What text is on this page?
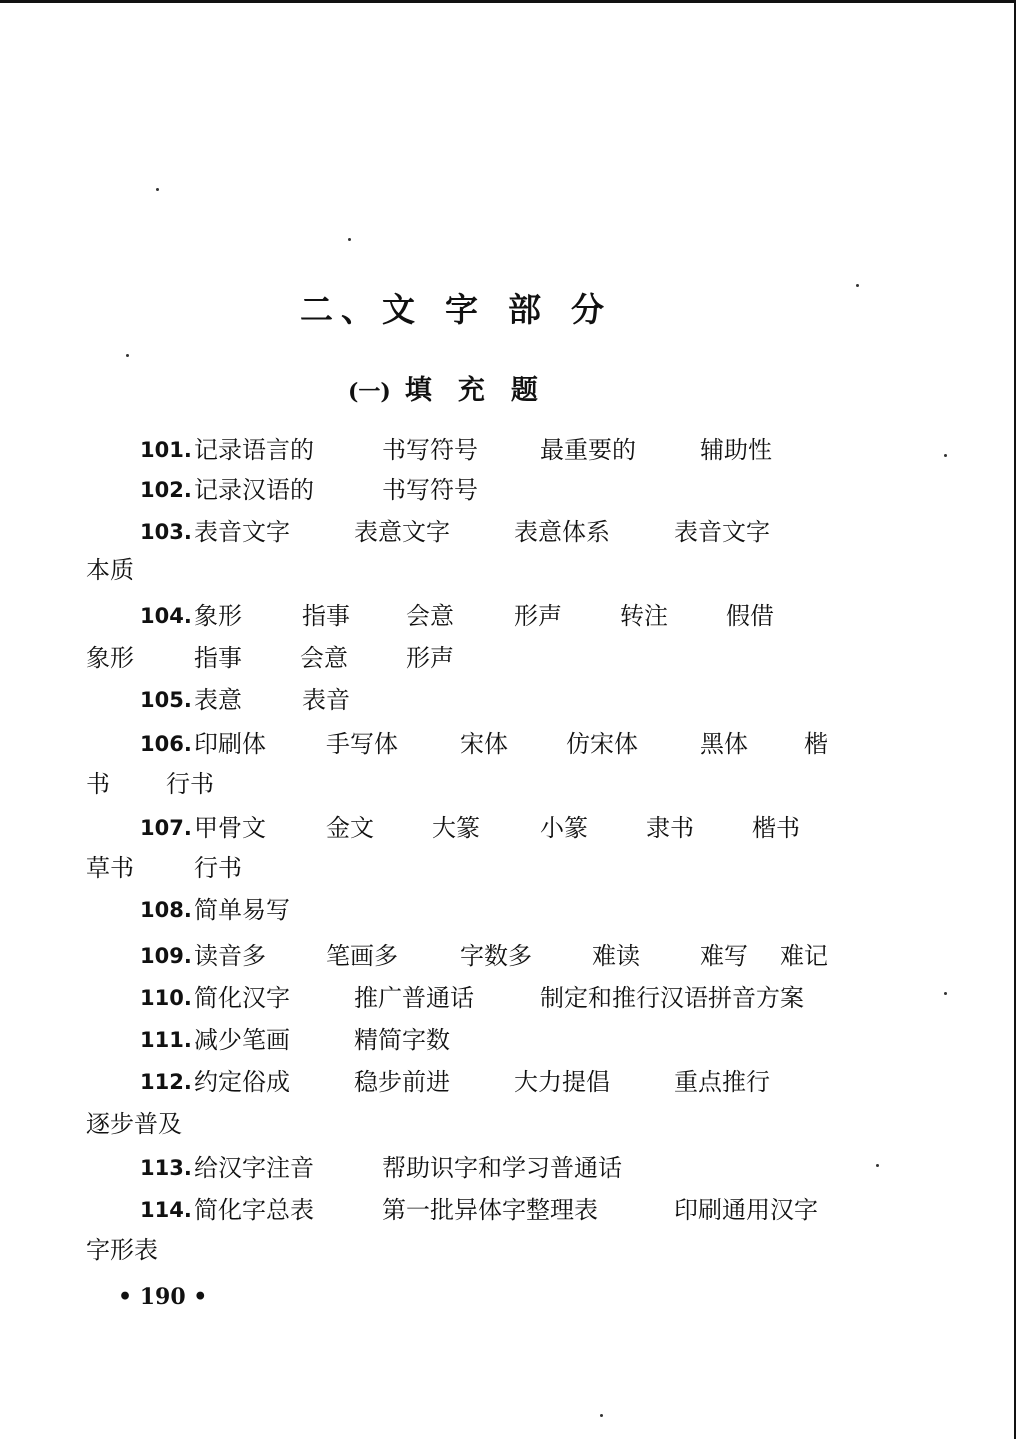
二、文 字 部 分
(一) 填 充 题
101. 记录语言的	书写符号	最重要的	辅助性
102. 记录汉语的	书写符号
103. 表音文字	表意文字	表意体系	表音文字
本质
104. 象形	指事 会意	形声 转注 假借
象形	指事 会意 形声
105. 表意	表音
106. 印刷体	手写体	宋体 仿宋体	黑体 楷
书 行书
107. 甲骨文	金文 大篆	小篆 隶书 楷书
草书	行书
108. 简单易写
109. 读音多	笔画多	字数多	难读	难写 难记
110. 简化汉字	推广普通话	制定和推行汉语拼音方案
111. 减少笔画	精简字数
112. 约定俗成	稳步前进	大力提倡	重点推行
逐步普及
113. 给汉字注音	帮助识字和学习普通话
114. 简化字总表	第一批异体字整理表	印刷通用汉字
字形表
• 190 •
